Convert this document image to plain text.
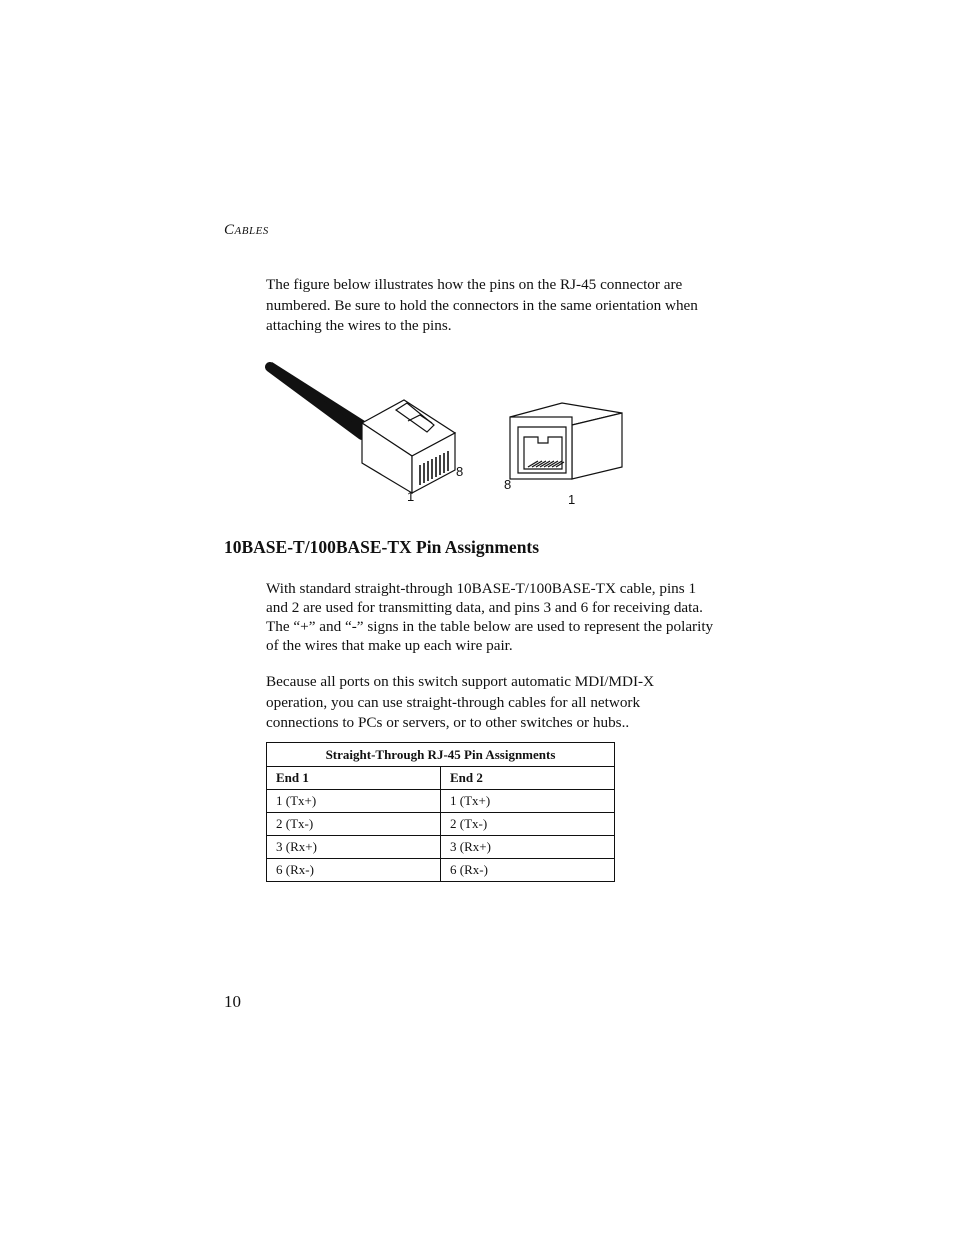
CABLES

The figure below illustrates how the pins on the RJ-45 connector are numbered. Be sure to hold the connectors in the same orientation when attaching the wires to the pins.

1
8
8
1
10BASE-T/100BASE-TX Pin Assignments

With standard straight-through 10BASE-T/100BASE-TX cable, pins 1 and 2 are used for transmitting data, and pins 3 and 6 for receiving data. The “+” and “-” signs in the table below are used to represent the polarity of the wires that make up each wire pair.

Because all ports on this switch support automatic MDI/MDI-X operation, you can use straight-through cables for all network connections to PCs or servers, or to other switches or hubs..

Straight-Through RJ-45 Pin Assignments	
End 1	End 2
1 (Tx+)	1 (Tx+)
2 (Tx-)	2 (Tx-)
3 (Rx+)	3 (Rx+)
6 (Rx-)	6 (Rx-)
10
